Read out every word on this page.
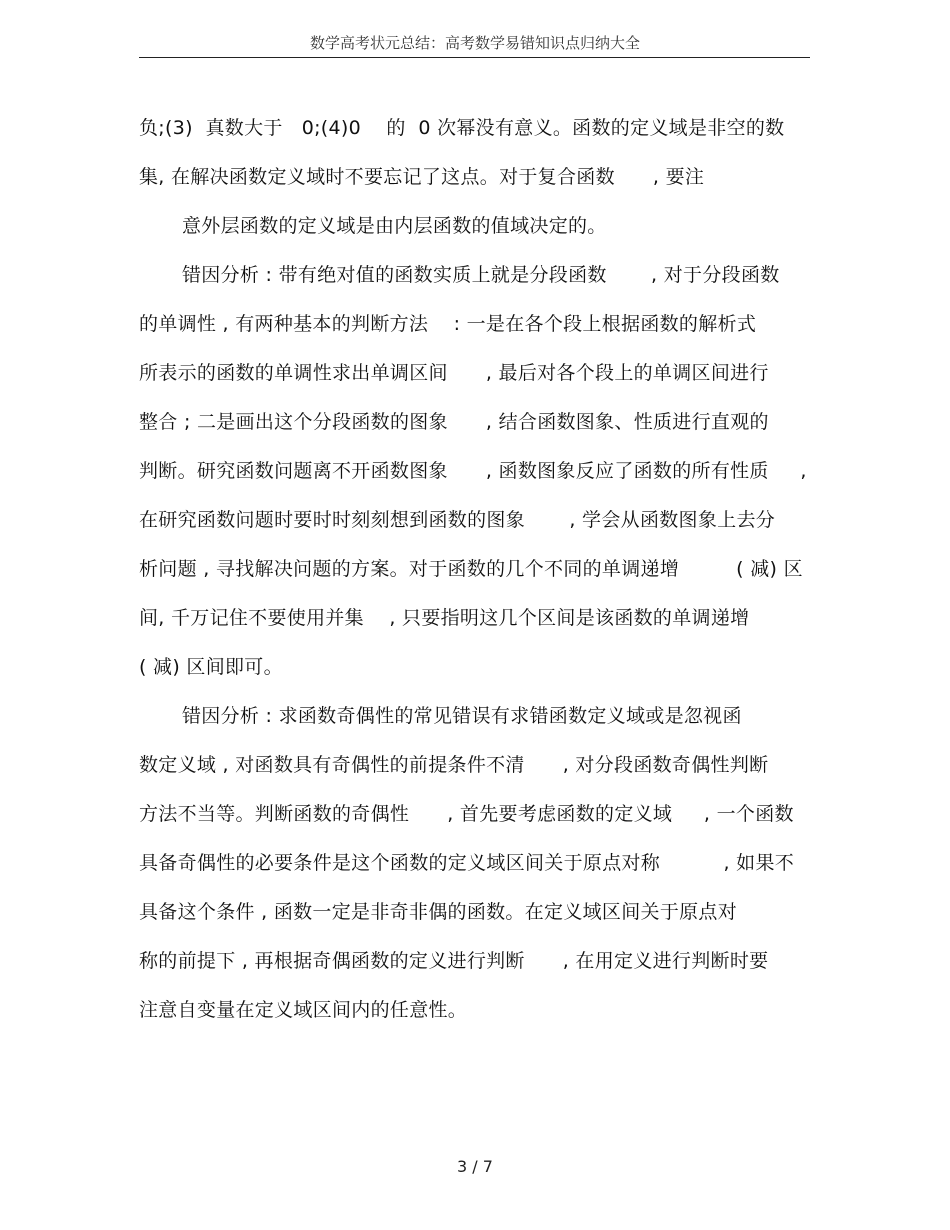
数学高考状元总结：高考数学易错知识点归纳大全
负;(3)  真数大于   0;(4)0    的  0 次幂没有意义。函数的定义域是非空的数
集, 在解决函数定义域时不要忘记了这点。对于复合函数      , 要注
意外层函数的定义域是由内层函数的值域决定的。
错因分析 : 带有绝对值的函数实质上就是分段函数       , 对于分段函数
的单调性 , 有两种基本的判断方法    : 一是在各个段上根据函数的解析式
所表示的函数的单调性求出单调区间      , 最后对各个段上的单调区间进行
整合 ; 二是画出这个分段函数的图象      , 结合函数图象、性质进行直观的
判断。研究函数问题离不开函数图象      , 函数图象反应了函数的所有性质     ,
在研究函数问题时要时时刻刻想到函数的图象       , 学会从函数图象上去分
析问题 , 寻找解决问题的方案。对于函数的几个不同的单调递增         ( 减) 区
间, 千万记住不要使用并集    , 只要指明这几个区间是该函数的单调递增
( 减) 区间即可。
错因分析 : 求函数奇偶性的常见错误有求错函数定义域或是忽视函
数定义域 , 对函数具有奇偶性的前提条件不清      , 对分段函数奇偶性判断
方法不当等。判断函数的奇偶性      , 首先要考虑函数的定义域     , 一个函数
具备奇偶性的必要条件是这个函数的定义域区间关于原点对称          , 如果不
具备这个条件 , 函数一定是非奇非偶的函数。在定义域区间关于原点对
称的前提下 , 再根据奇偶函数的定义进行判断      , 在用定义进行判断时要
注意自变量在定义域区间内的任意性。
3 / 7
